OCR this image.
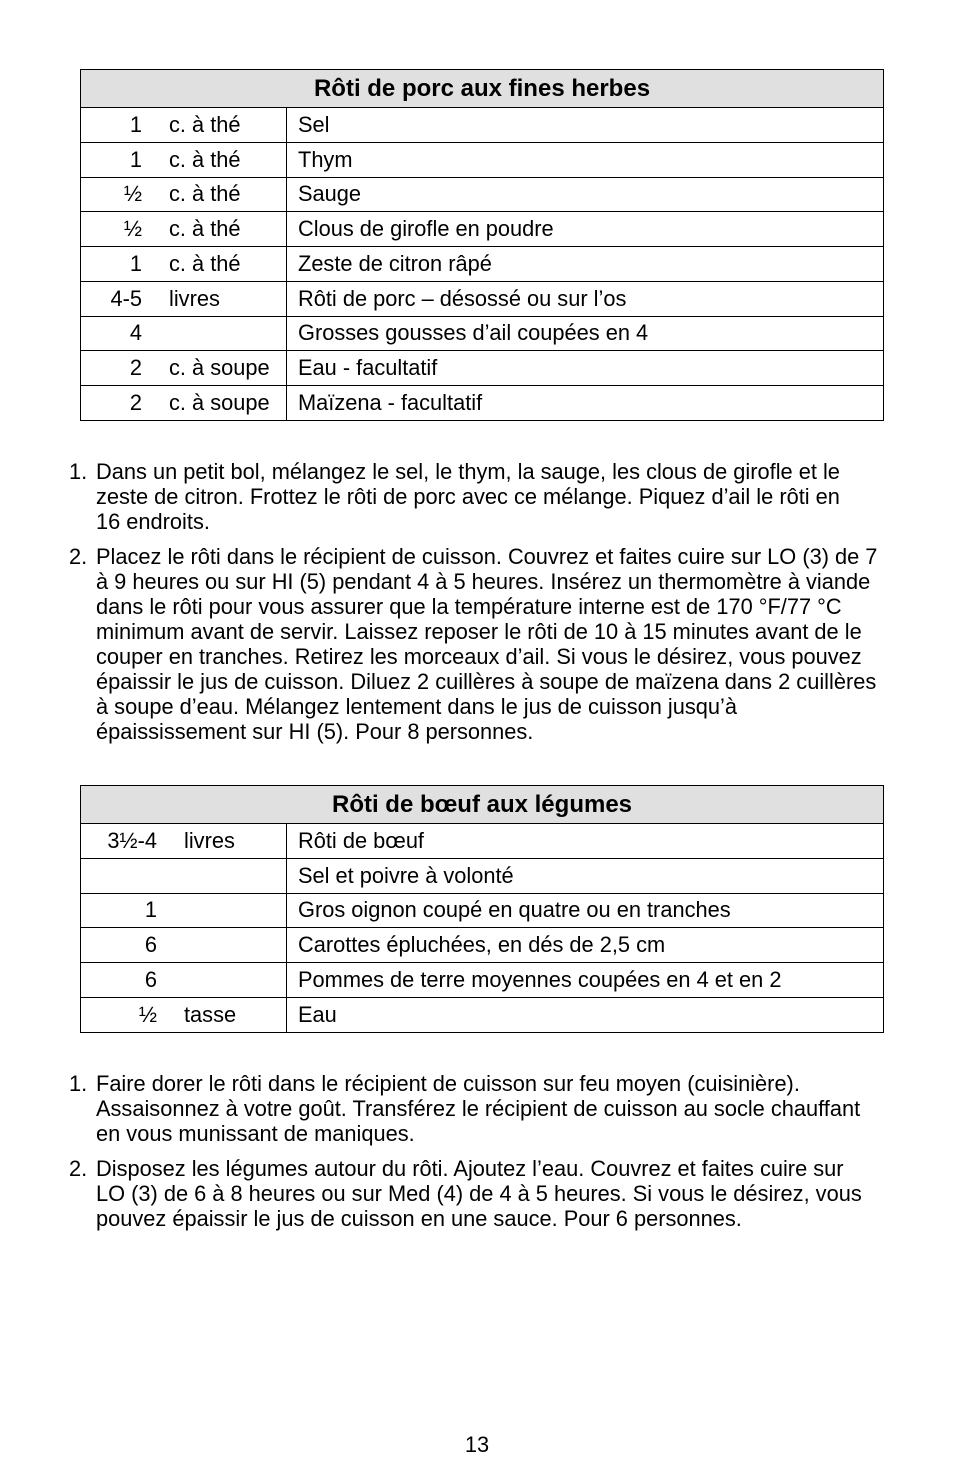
Rôti de porc aux fines herbes	

1 c. à thé	Sel

1 c. à thé	Thym

½ c. à thé	Sauge

½ c. à thé	Clous de girofle en poudre

1 c. à thé	Zeste de citron râpé

4-5 livres	Rôti de porc – désossé ou sur l’os

4	Grosses gousses d’ail coupées en 4

2 c. à soupe	Eau - facultatif

2 c. à soupe	Maïzena - facultatif
1. Dans un petit bol, mélangez le sel, le thym, la sauge, les clous de girofle et le
zeste de citron. Frottez le rôti de porc avec ce mélange. Piquez d’ail le rôti en
16 endroits.
2. Placez le rôti dans le récipient de cuisson. Couvrez et faites cuire sur LO (3) de 7
à 9 heures ou sur HI (5) pendant 4 à 5 heures. Insérez un thermomètre à viande
dans le rôti pour vous assurer que la température interne est de 170 °F/77 °C
minimum avant de servir. Laissez reposer le rôti de 10 à 15 minutes avant de le
couper en tranches. Retirez les morceaux d’ail. Si vous le désirez, vous pouvez
épaissir le jus de cuisson. Diluez 2 cuillères à soupe de maïzena dans 2 cuillères
à soupe d’eau. Mélangez lentement dans le jus de cuisson jusqu’à
épaississement sur HI (5). Pour 8 personnes.
Rôti de bœuf aux légumes	

3½-4 livres	Rôti de bœuf
	Sel et poivre à volonté

1	Gros oignon coupé en quatre ou en tranches

6	Carottes épluchées, en dés de 2,5 cm

6	Pommes de terre moyennes coupées en 4 et en 2

½ tasse	Eau
1. Faire dorer le rôti dans le récipient de cuisson sur feu moyen (cuisinière).
Assaisonnez à votre goût. Transférez le récipient de cuisson au socle chauffant
en vous munissant de maniques.
2. Disposez les légumes autour du rôti. Ajoutez l’eau. Couvrez et faites cuire sur
LO (3) de 6 à 8 heures ou sur Med (4) de 4 à 5 heures. Si vous le désirez, vous
pouvez épaissir le jus de cuisson en une sauce. Pour 6 personnes.
13
